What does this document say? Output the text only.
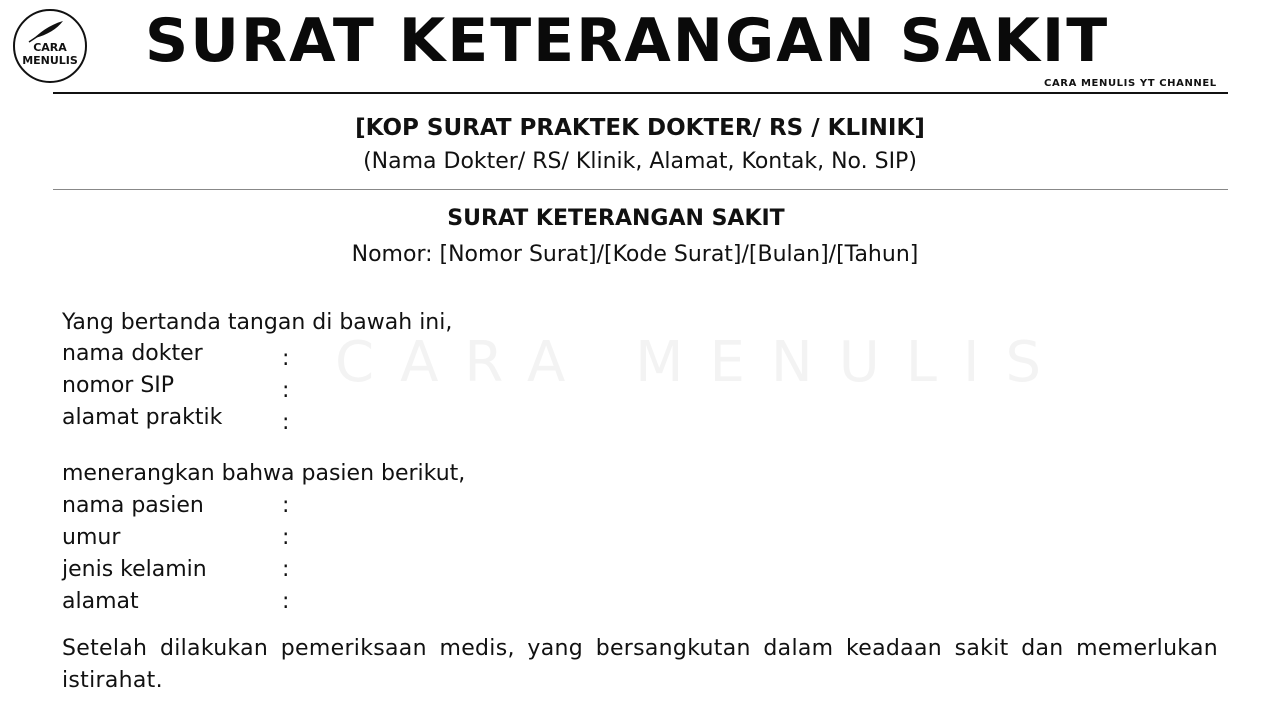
CARA
MENULIS SURAT KETERANGAN SAKIT
CARA MENULIS YT CHANNEL
[KOP SURAT PRAKTEK DOKTER/ RS / KLINIK]
(Nama Dokter/ RS/ Klinik, Alamat, Kontak, No. SIP)
SURAT KETERANGAN SAKIT
Nomor: [Nomor Surat]/[Kode Surat]/[Bulan]/[Tahun]
CARA MENULIS
Yang bertanda tangan di bawah ini,
nama dokter	:
nomor SIP	:
alamat praktik	:
menerangkan bahwa pasien berikut,
nama pasien	:
umur	:
jenis kelamin	:
alamat	:
Setelah dilakukan pemeriksaan medis, yang bersangkutan dalam keadaan sakit dan memerlukan istirahat.
